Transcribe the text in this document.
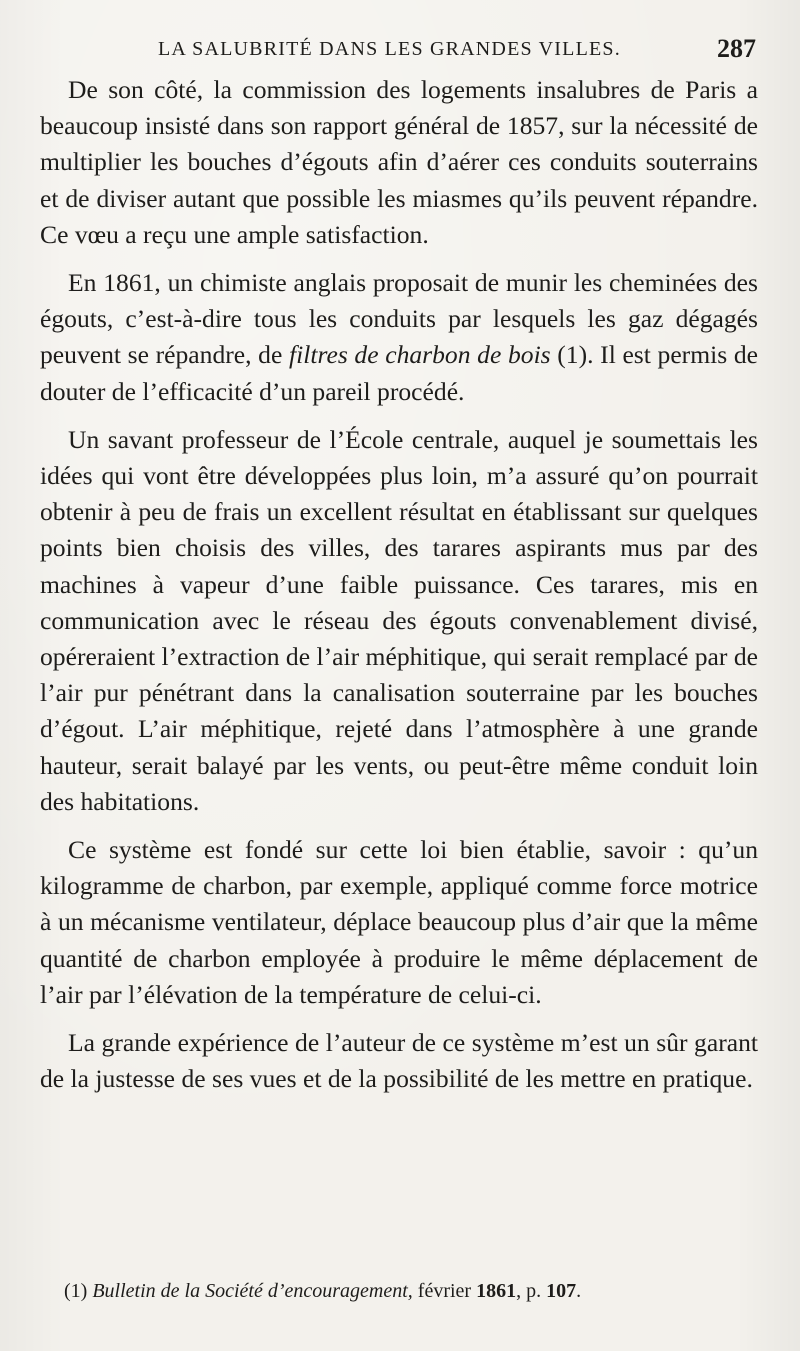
LA SALUBRITÉ DANS LES GRANDES VILLES.	287

De son côté, la commission des logements insalubres de Paris a beaucoup insisté dans son rapport général de 1857, sur la nécessité de multiplier les bouches d’égouts afin d’aérer ces conduits souterrains et de diviser autant que possible les miasmes qu’ils peuvent répandre. Ce vœu a reçu une ample satisfaction.

En 1861, un chimiste anglais proposait de munir les cheminées des égouts, c’est-à-dire tous les conduits par lesquels les gaz dégagés peuvent se répandre, de filtres de charbon de bois (1). Il est permis de douter de l’efficacité d’un pareil procédé.

Un savant professeur de l’École centrale, auquel je soumettais les idées qui vont être développées plus loin, m’a assuré qu’on pourrait obtenir à peu de frais un excellent résultat en établissant sur quelques points bien choisis des villes, des tarares aspirants mus par des machines à vapeur d’une faible puissance. Ces tarares, mis en communication avec le réseau des égouts convenablement divisé, opéreraient l’extraction de l’air méphitique, qui serait remplacé par de l’air pur pénétrant dans la canalisation souterraine par les bouches d’égout. L’air méphitique, rejeté dans l’atmosphère à une grande hauteur, serait balayé par les vents, ou peut-être même conduit loin des habitations.

Ce système est fondé sur cette loi bien établie, savoir : qu’un kilogramme de charbon, par exemple, appliqué comme force motrice à un mécanisme ventilateur, déplace beaucoup plus d’air que la même quantité de charbon employée à produire le même déplacement de l’air par l’élévation de la température de celui-ci.

La grande expérience de l’auteur de ce système m’est un sûr garant de la justesse de ses vues et de la possibilité de les mettre en pratique.

(1) Bulletin de la Société d’encouragement, février 1861, p. 107.
